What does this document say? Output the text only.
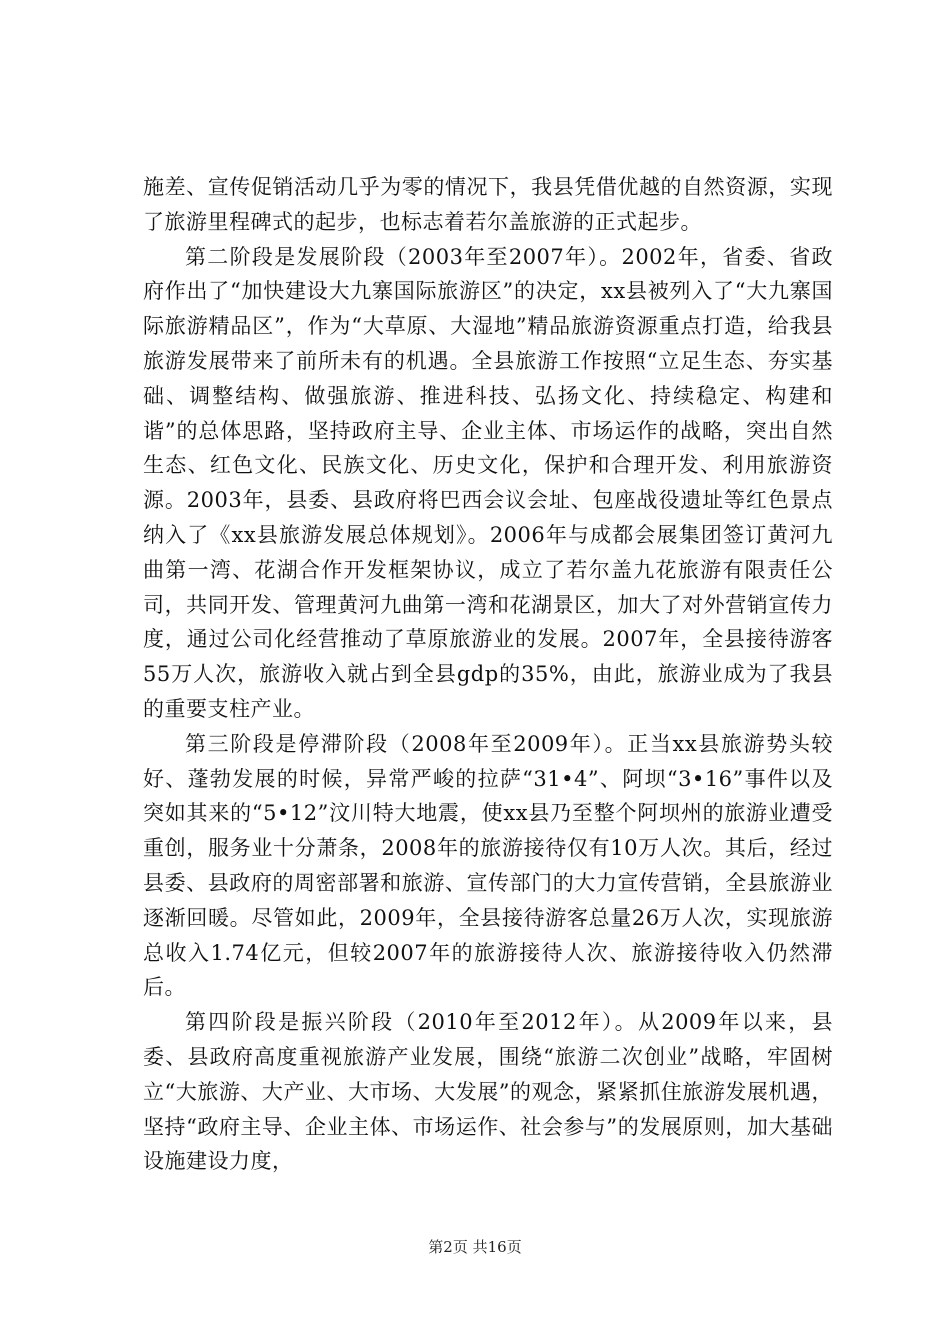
施差、宣传促销活动几乎为零的情况下，我县凭借优越的自然资源，实现了旅游里程碑式的起步，也标志着若尔盖旅游的正式起步。

第二阶段是发展阶段（2003年至2007年）。2002年，省委、省政府作出了“加快建设大九寨国际旅游区”的决定，xx县被列入了“大九寨国际旅游精品区”，作为“大草原、大湿地”精品旅游资源重点打造，给我县旅游发展带来了前所未有的机遇。全县旅游工作按照“立足生态、夯实基础、调整结构、做强旅游、推进科技、弘扬文化、持续稳定、构建和谐”的总体思路，坚持政府主导、企业主体、市场运作的战略，突出自然生态、红色文化、民族文化、历史文化，保护和合理开发、利用旅游资源。2003年，县委、县政府将巴西会议会址、包座战役遗址等红色景点纳入了《xx县旅游发展总体规划》。2006年与成都会展集团签订黄河九曲第一湾、花湖合作开发框架协议，成立了若尔盖九花旅游有限责任公司，共同开发、管理黄河九曲第一湾和花湖景区，加大了对外营销宣传力度，通过公司化经营推动了草原旅游业的发展。2007年，全县接待游客55万人次，旅游收入就占到全县gdp的35%，由此，旅游业成为了我县的重要支柱产业。

第三阶段是停滞阶段（2008年至2009年）。正当xx县旅游势头较好、蓬勃发展的时候，异常严峻的拉萨“31•4”、阿坝“3•16”事件以及突如其来的“5•12”汶川特大地震，使xx县乃至整个阿坝州的旅游业遭受重创，服务业十分萧条，2008年的旅游接待仅有10万人次。其后，经过县委、县政府的周密部署和旅游、宣传部门的大力宣传营销，全县旅游业逐渐回暖。尽管如此，2009年，全县接待游客总量26万人次，实现旅游总收入1.74亿元，但较2007年的旅游接待人次、旅游接待收入仍然滞后。

第四阶段是振兴阶段（2010年至2012年）。从2009年以来，县委、县政府高度重视旅游产业发展，围绕“旅游二次创业”战略，牢固树立“大旅游、大产业、大市场、大发展”的观念，紧紧抓住旅游发展机遇，坚持“政府主导、企业主体、市场运作、社会参与”的发展原则，加大基础设施建设力度，

第2页 共16页
